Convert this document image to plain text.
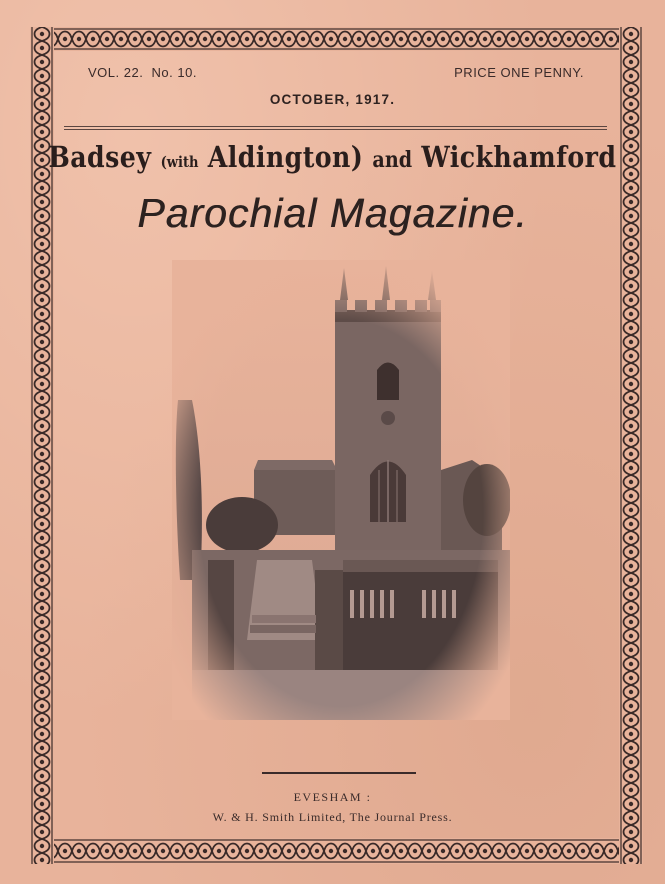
VOL. 22. No. 10.	PRICE ONE PENNY.
OCTOBER, 1917.
Badsey (with Aldington) and Wickhamford
Parochial Magazine.
EVESHAM :
W. & H. Smith Limited, The Journal Press.
